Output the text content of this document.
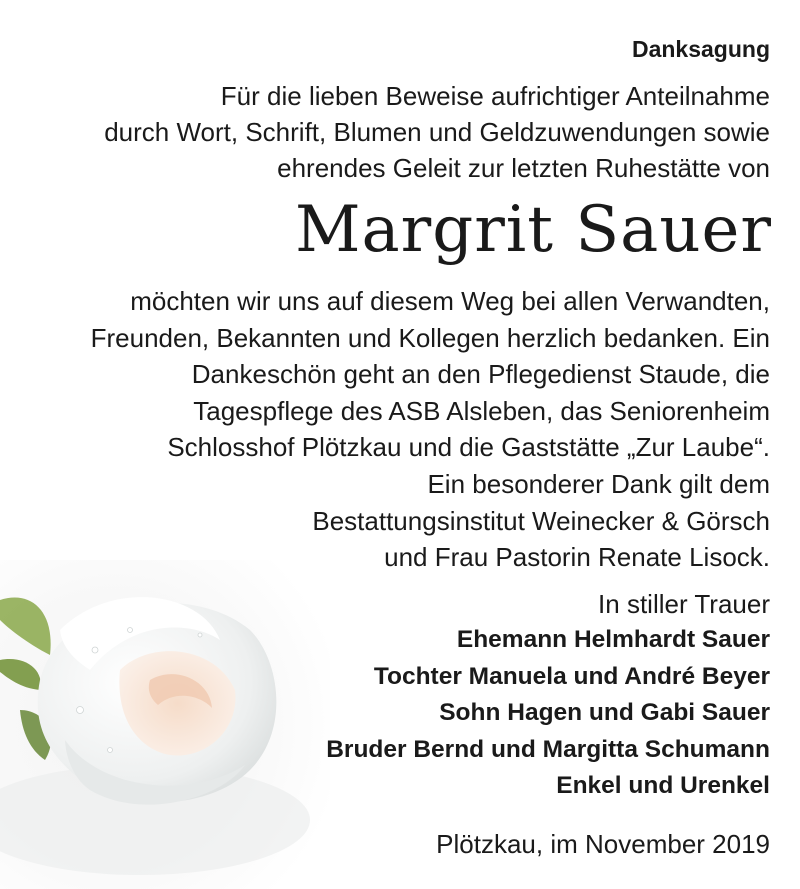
Danksagung

Für die lieben Beweise aufrichtiger Anteilnahme
durch Wort, Schrift, Blumen und Geldzuwendungen sowie
ehrendes Geleit zur letzten Ruhestätte von

Margrit Sauer

möchten wir uns auf diesem Weg bei allen Verwandten,
Freunden, Bekannten und Kollegen herzlich bedanken. Ein
Dankeschön geht an den Pflegedienst Staude, die
Tagespflege des ASB Alsleben, das Seniorenheim
Schlosshof Plötzkau und die Gaststätte „Zur Laube“.
Ein besonderer Dank gilt dem
Bestattungsinstitut Weinecker & Görsch
und Frau Pastorin Renate Lisock.

In stiller Trauer

Ehemann Helmhardt Sauer
Tochter Manuela und André Beyer
Sohn Hagen und Gabi Sauer
Bruder Bernd und Margitta Schumann
Enkel und Urenkel

Plötzkau, im November 2019
